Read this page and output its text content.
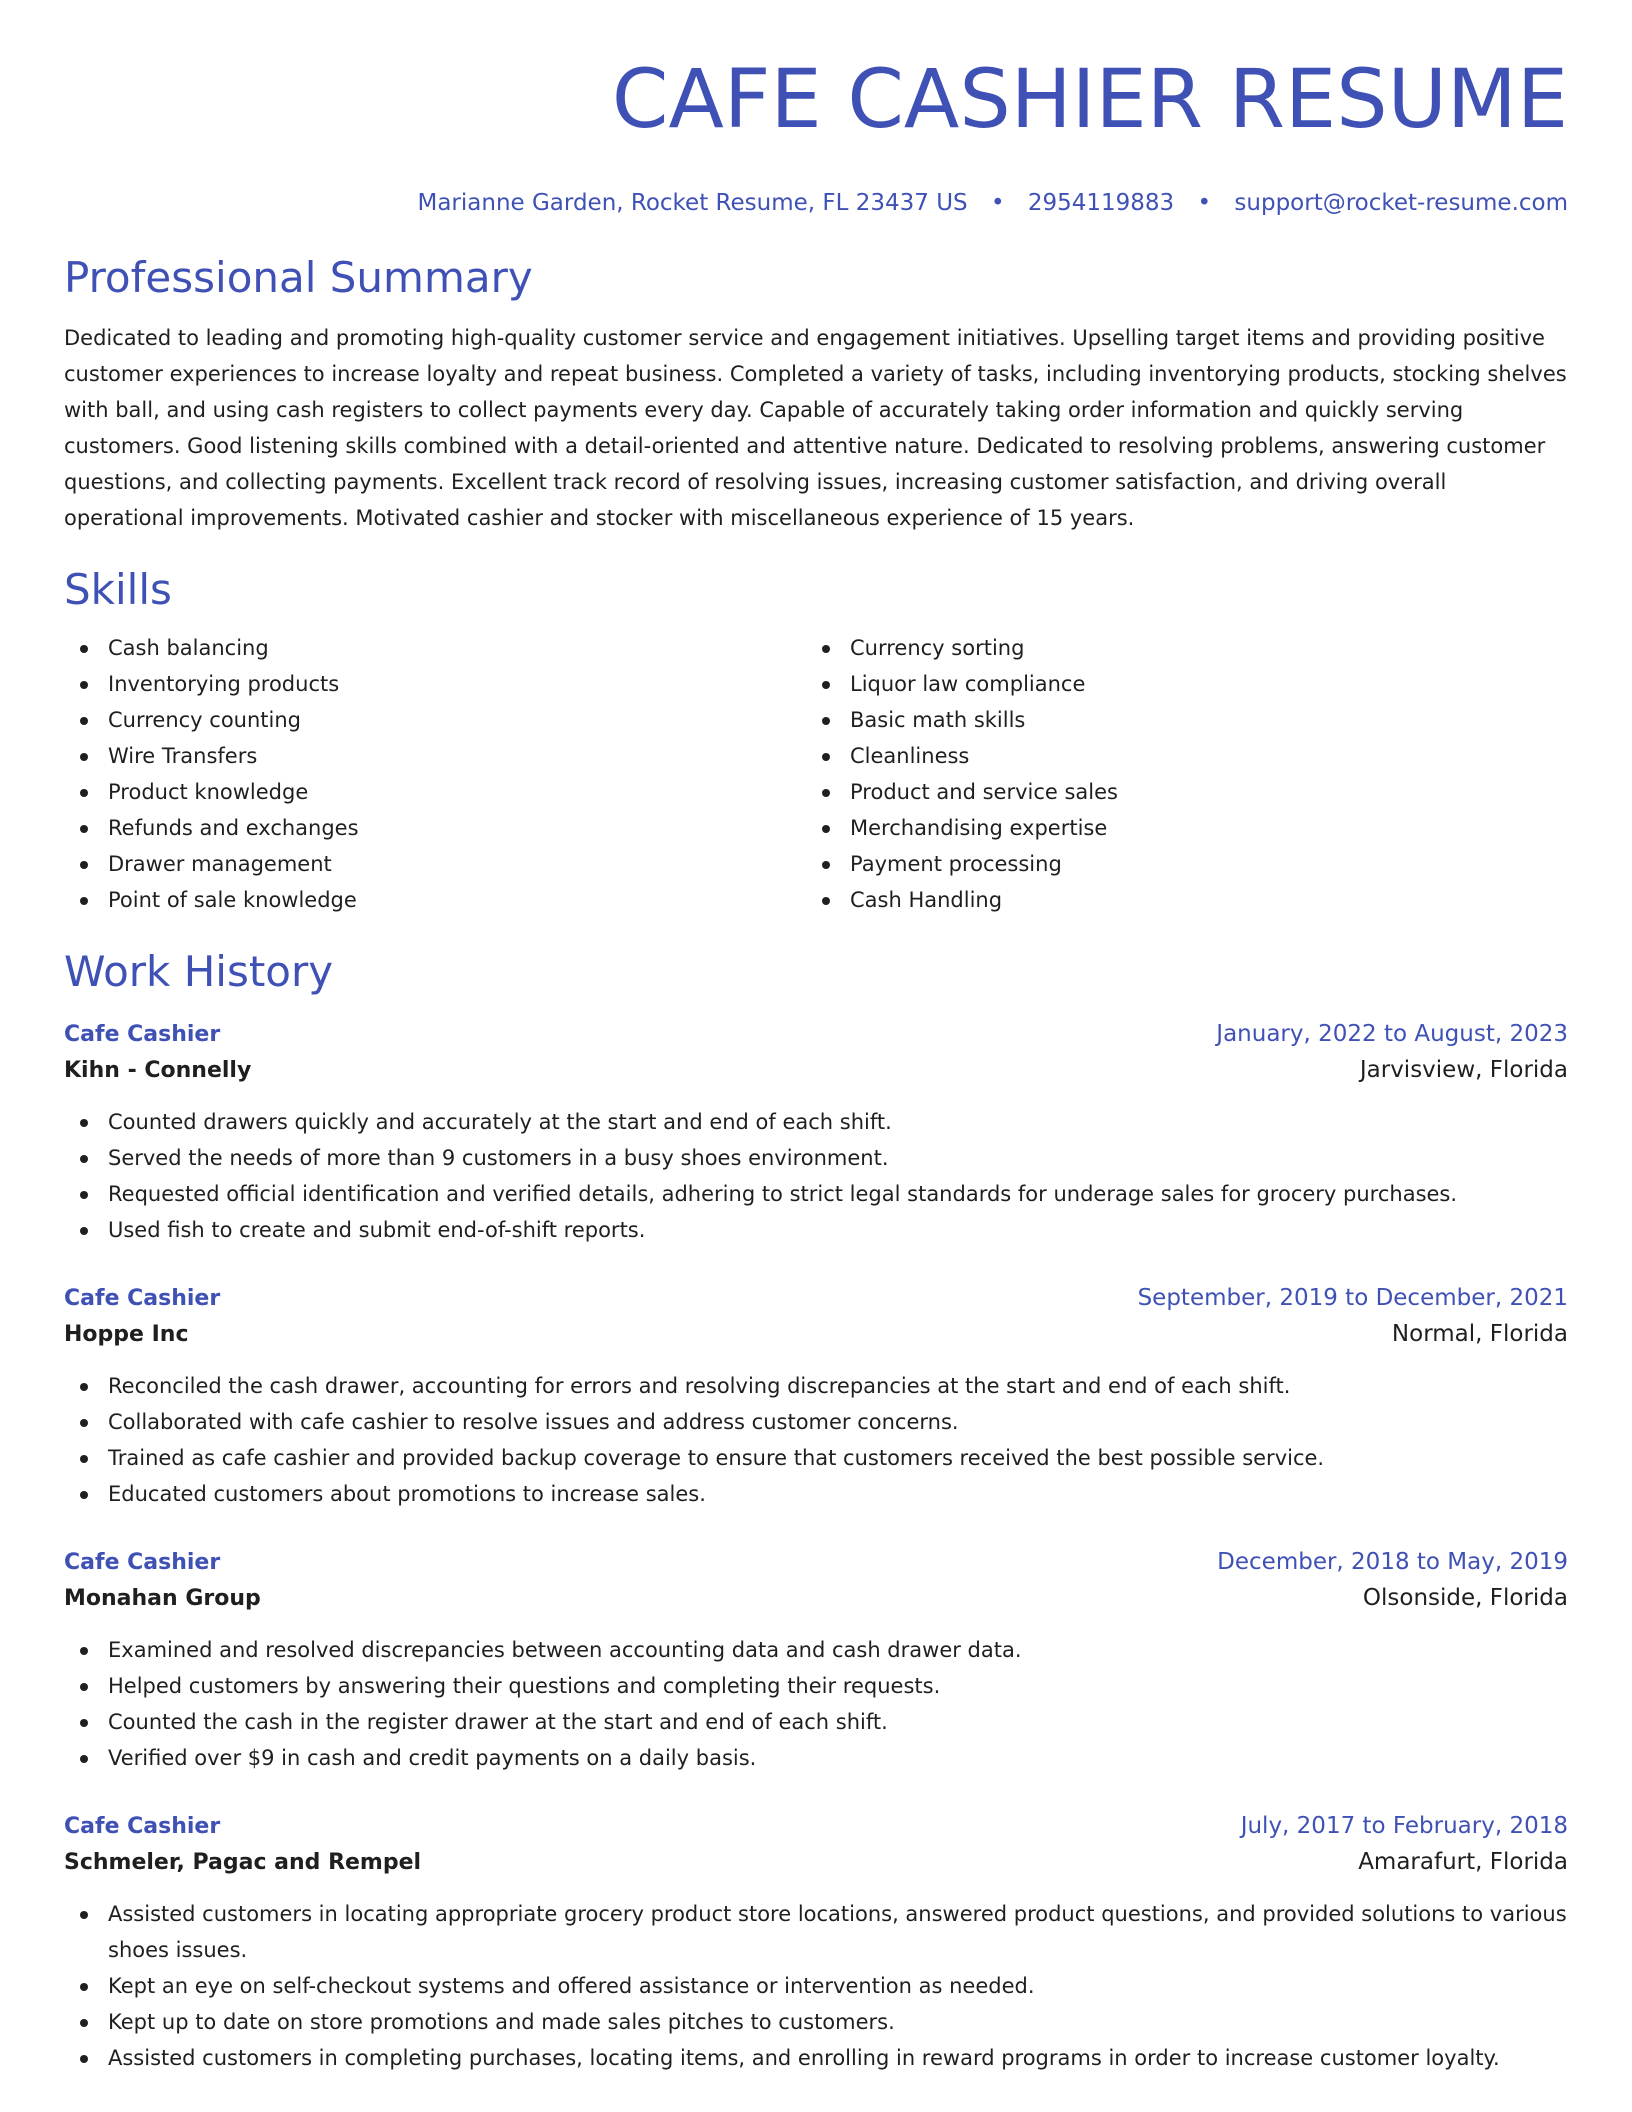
CAFE CASHIER RESUME
Marianne Garden, Rocket Resume, FL 23437 US • 2954119883 • support@rocket-resume.com
Professional Summary

Dedicated to leading and promoting high-quality customer service and engagement initiatives. Upselling target items and providing positive customer experiences to increase loyalty and repeat business. Completed a variety of tasks, including inventorying products, stocking shelves with ball, and using cash registers to collect payments every day. Capable of accurately taking order information and quickly serving customers. Good listening skills combined with a detail-oriented and attentive nature. Dedicated to resolving problems, answering customer questions, and collecting payments. Excellent track record of resolving issues, increasing customer satisfaction, and driving overall operational improvements. Motivated cashier and stocker with miscellaneous experience of 15 years.

Skills
Cash balancing
Inventorying products
Currency counting
Wire Transfers
Product knowledge
Refunds and exchanges
Drawer management
Point of sale knowledge
Currency sorting
Liquor law compliance
Basic math skills
Cleanliness
Product and service sales
Merchandising expertise
Payment processing
Cash Handling
Work History
Cafe Cashier	January, 2022 to August, 2023
Kihn - Connelly	Jarvisview, Florida
Counted drawers quickly and accurately at the start and end of each shift.
Served the needs of more than 9 customers in a busy shoes environment.
Requested official identification and verified details, adhering to strict legal standards for underage sales for grocery purchases.
Used fish to create and submit end-of-shift reports.
Cafe Cashier	September, 2019 to December, 2021
Hoppe Inc	Normal, Florida
Reconciled the cash drawer, accounting for errors and resolving discrepancies at the start and end of each shift.
Collaborated with cafe cashier to resolve issues and address customer concerns.
Trained as cafe cashier and provided backup coverage to ensure that customers received the best possible service.
Educated customers about promotions to increase sales.
Cafe Cashier	December, 2018 to May, 2019
Monahan Group	Olsonside, Florida
Examined and resolved discrepancies between accounting data and cash drawer data.
Helped customers by answering their questions and completing their requests.
Counted the cash in the register drawer at the start and end of each shift.
Verified over $9 in cash and credit payments on a daily basis.
Cafe Cashier	July, 2017 to February, 2018
Schmeler, Pagac and Rempel	Amarafurt, Florida
Assisted customers in locating appropriate grocery product store locations, answered product questions, and provided solutions to various shoes issues.
Kept an eye on self-checkout systems and offered assistance or intervention as needed.
Kept up to date on store promotions and made sales pitches to customers.
Assisted customers in completing purchases, locating items, and enrolling in reward programs in order to increase customer loyalty.
